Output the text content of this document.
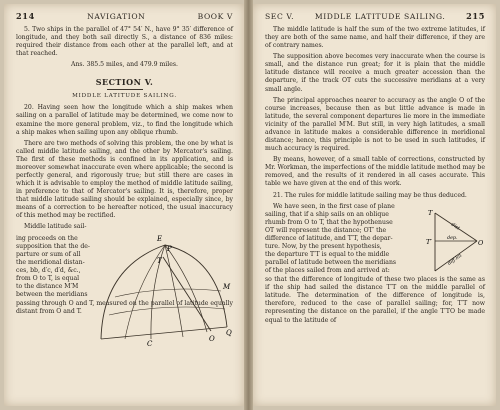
214	NAVIGATION	BOOK V

5. Two ships in the parallel of 47° 54′ N., have 9° 35′ difference of longitude, and they both sail directly S., a distance of 836 miles: required their distance from each other at the parallel left, and at that reached.

Ans. 385.5 miles, and 479.9 miles.
SECTION V.
MIDDLE LATITUDE SAILING.

20. Having seen how the longitude which a ship makes when sailing on a parallel of latitude may be determined, we come now to examine the more general problem, viz., to find the longitude which a ship makes when sailing upon any oblique rhumb.

There are two methods of solving this problem, the one by what is called middle latitude sailing, and the other by Mercator's sailing. The first of these methods is confined in its application, and is moreover somewhat inaccurate even where applicable; the second is perfectly general, and rigorously true; but still there are cases in which it is advisable to employ the method of middle latitude sailing, in preference to that of Mercator's sailing. It is, therefore, proper that middle latitude sailing should be explained, especially since, by means of a correction to be hereafter noticed, the usual inaccuracy of this method may be rectified.

Middle latitude sail-

ing proceeds on the

supposition that the de-

parture or sum of all

the meridional distan-

ces, bb, d′c, d′d, &c.,

from O to T, is equal

to the distance M′M

between the meridians

E
P
T
M
O
Q
C

passing through O and T, measured on the parallel of latitude equally distant from O and T.

SEC V.	MIDDLE LATITUDE SAILING.	215

The middle latitude is half the sum of the two extreme latitudes, if they are both of the same name, and half their difference, if they are of contrary names.

The supposition above becomes very inaccurate when the course is small, and the distance run great; for it is plain that the middle latitude distance will receive a much greater accession than the departure, if the track OT cuts the successive meridians at a very small angle.

The principal approaches nearer to accuracy as the angle O of the course increases, because then as but little advance is made in latitude, the several component departures lie more in the immediate vicinity of the parallel M′M. But still, in very high latitudes, a small advance in latitude makes a considerable difference in meridional distance; hence, this principle is not to be used in such latitudes, if much accuracy is required.

By means, however, of a small table of corrections, constructed by Mr. Workman, the imperfections of the middle latitude method may be removed, and the results of it rendered in all cases accurate. This table we have given at the end of this work.

21. The rules for middle latitude sailing may be thus deduced.

We have seen, in the first case of plane

sailing, that if a ship sails on an oblique

rhumb from O to T, that the hypothenuse

OT will represent the distance; OT′ the

difference of latitude, and T′T, the depar-

ture. Now, by the present hypothesis,

the departure T′T is equal to the middle

parallel of latitude between the meridians

of the places sailed from and arrived at:

T
T′	O
dist
dep.
diff.lat

so that the difference of longitude of these two places is the same as if the ship had sailed the distance T′T on the middle parallel of latitude. The determination of the difference of longitude is, therefore, reduced to the case of parallel sailing; for, T′T now representing the distance on the parallel, if the angle T′TO be made equal to the latitude of
